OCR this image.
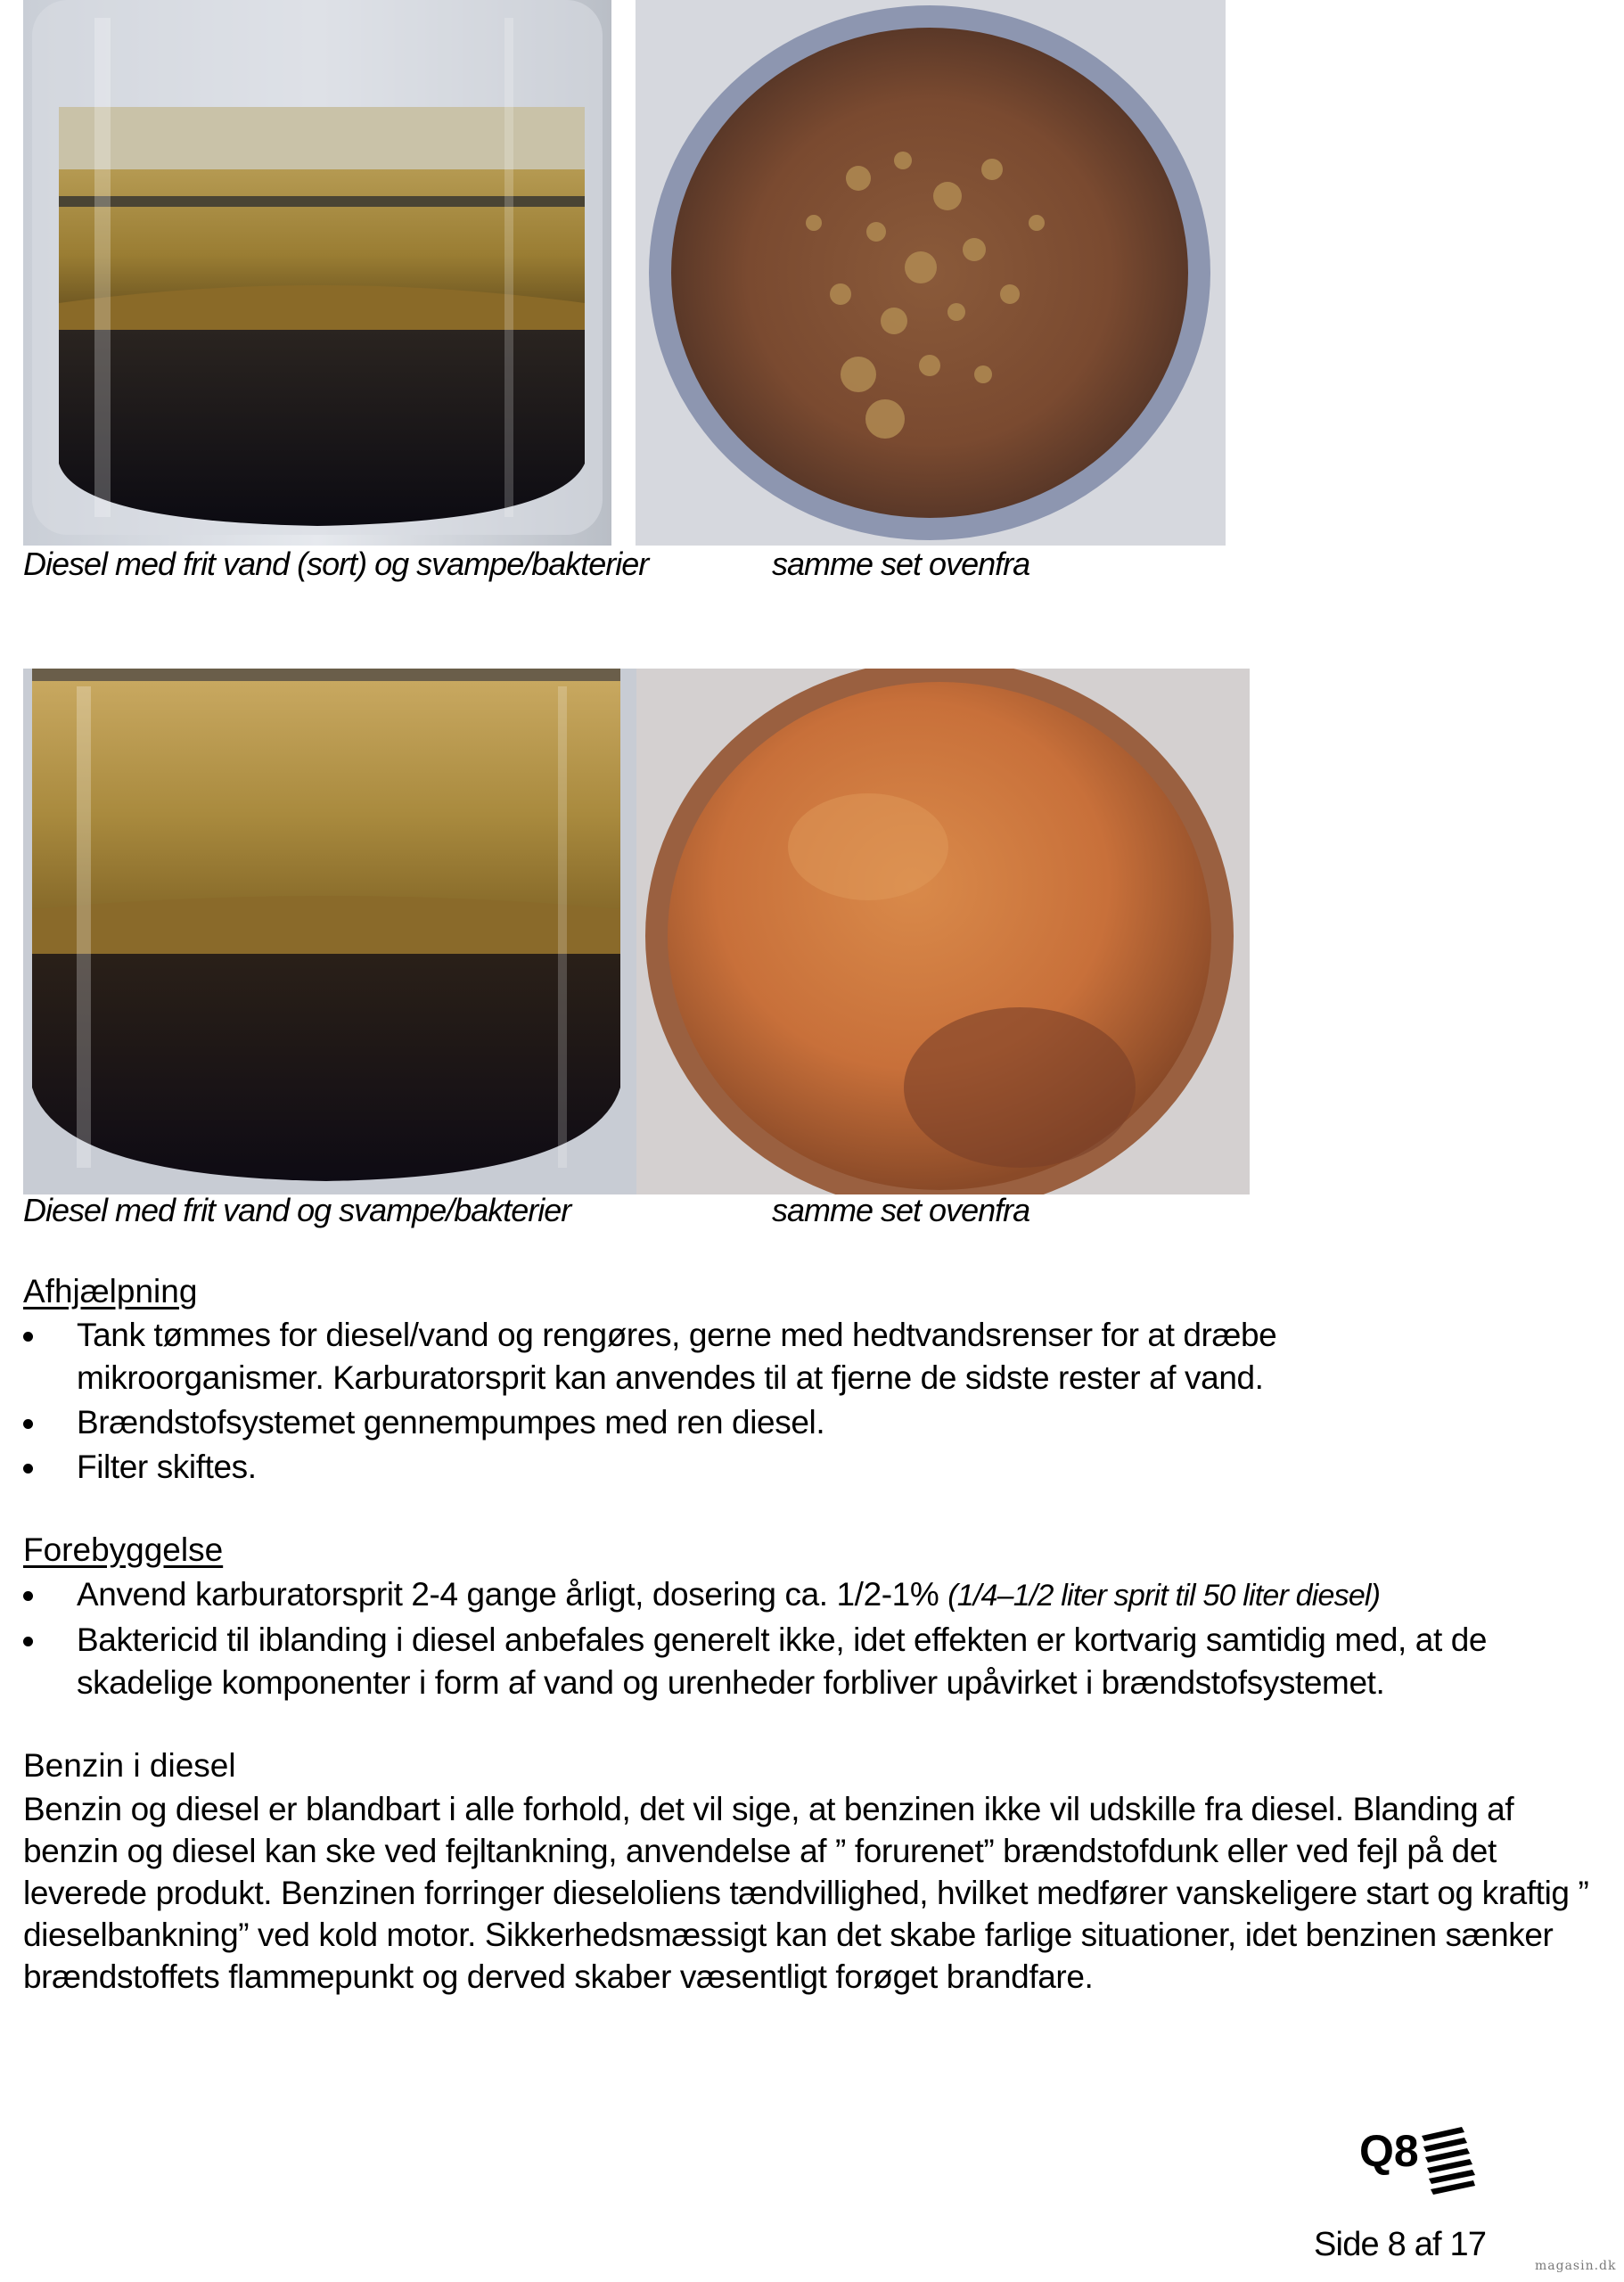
Diesel med frit vand (sort) og svampe/bakterier	samme set ovenfra
Diesel med frit vand og svampe/bakterier	samme set ovenfra
Afhjælpning
Tank tømmes for diesel/vand og rengøres, gerne med hedtvandsrenser for at dræbe mikroorganismer. Karburatorsprit kan anvendes til at fjerne de sidste rester af vand.
Brændstofsystemet gennempumpes med ren diesel.
Filter skiftes.
Forebyggelse
Anvend karburatorsprit 2-4 gange årligt, dosering ca. 1/2-1% (1/4–1/2 liter sprit til 50 liter diesel)
Baktericid til iblanding i diesel anbefales generelt ikke, idet effekten er kortvarig samtidig med, at de skadelige komponenter i form af vand og urenheder forbliver upåvirket i brændstofsystemet.
Benzin i diesel

Benzin og diesel er blandbart i alle forhold, det vil sige, at benzinen ikke vil udskille fra diesel. Blanding af benzin og diesel kan ske ved fejltankning, anvendelse af ” forurenet” brændstofdunk eller ved fejl på det leverede produkt. Benzinen forringer dieseloliens tændvillighed, hvilket medfører vanskeligere start og kraftig ” dieselbankning” ved kold motor. Sikkerhedsmæssigt kan det skabe farlige situationer, idet benzinen sænker brændstoffets flammepunkt og derved skaber væsentligt forøget brandfare.

Q8
Side 8 af 17
magasin.dk
